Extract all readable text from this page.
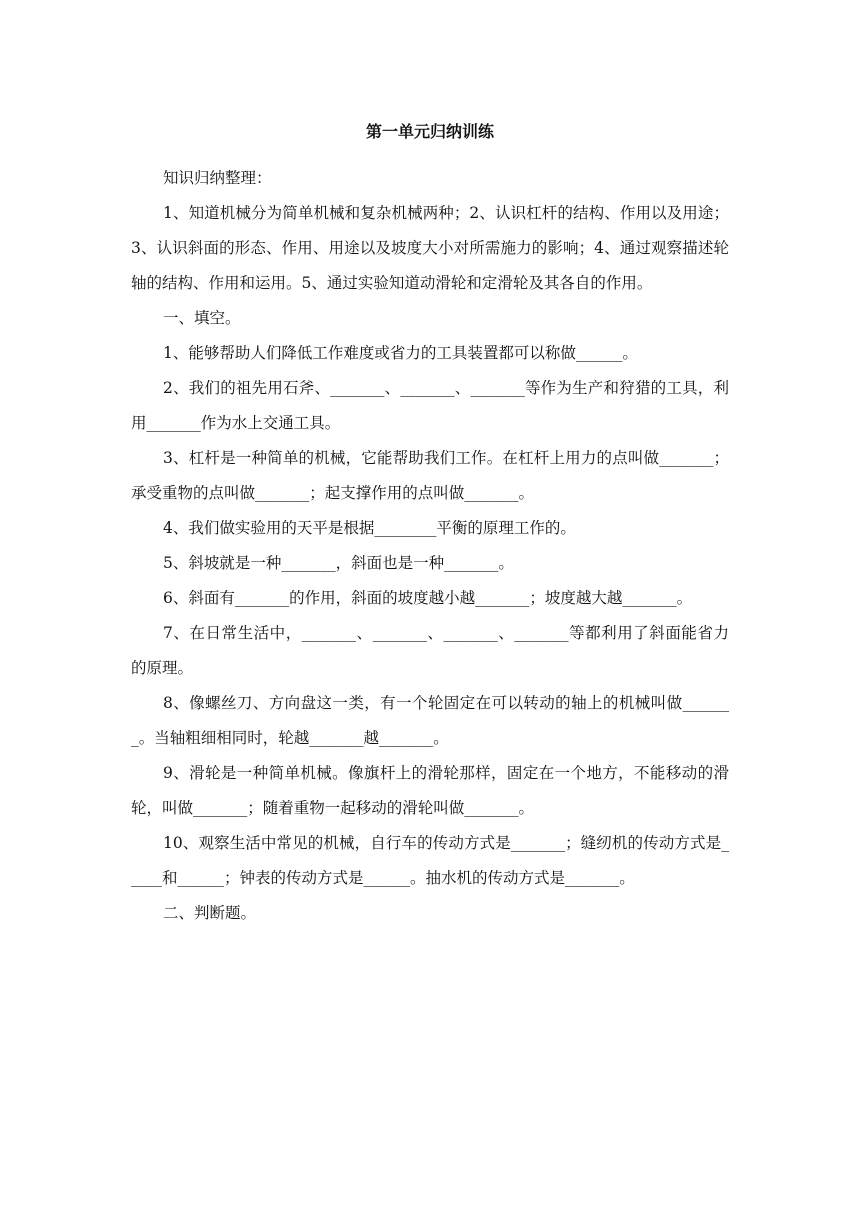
第一单元归纳训练

知识归纳整理：

1、知道机械分为简单机械和复杂机械两种；2、认识杠杆的结构、作用以及用途；3、认识斜面的形态、作用、用途以及坡度大小对所需施力的影响；4、通过观察描述轮轴的结构、作用和运用。5、通过实验知道动滑轮和定滑轮及其各自的作用。

一、填空。

1、能够帮助人们降低工作难度或省力的工具装置都可以称做______。

2、我们的祖先用石斧、_______、_______、_______等作为生产和狩猎的工具，利用_______作为水上交通工具。

3、杠杆是一种简单的机械，它能帮助我们工作。在杠杆上用力的点叫做_______；承受重物的点叫做_______；起支撑作用的点叫做_______。

4、我们做实验用的天平是根据________平衡的原理工作的。

5、斜坡就是一种_______，斜面也是一种_______。

6、斜面有_______的作用，斜面的坡度越小越_______；坡度越大越_______。

7、在日常生活中，_______、_______、_______、_______等都利用了斜面能省力的原理。

8、像螺丝刀、方向盘这一类，有一个轮固定在可以转动的轴上的机械叫做_______。当轴粗细相同时，轮越_______越_______。

9、滑轮是一种简单机械。像旗杆上的滑轮那样，固定在一个地方，不能移动的滑轮，叫做_______；随着重物一起移动的滑轮叫做_______。

10、观察生活中常见的机械，自行车的传动方式是_______；缝纫机的传动方式是_____和______；钟表的传动方式是______。抽水机的传动方式是_______。

二、判断题。
